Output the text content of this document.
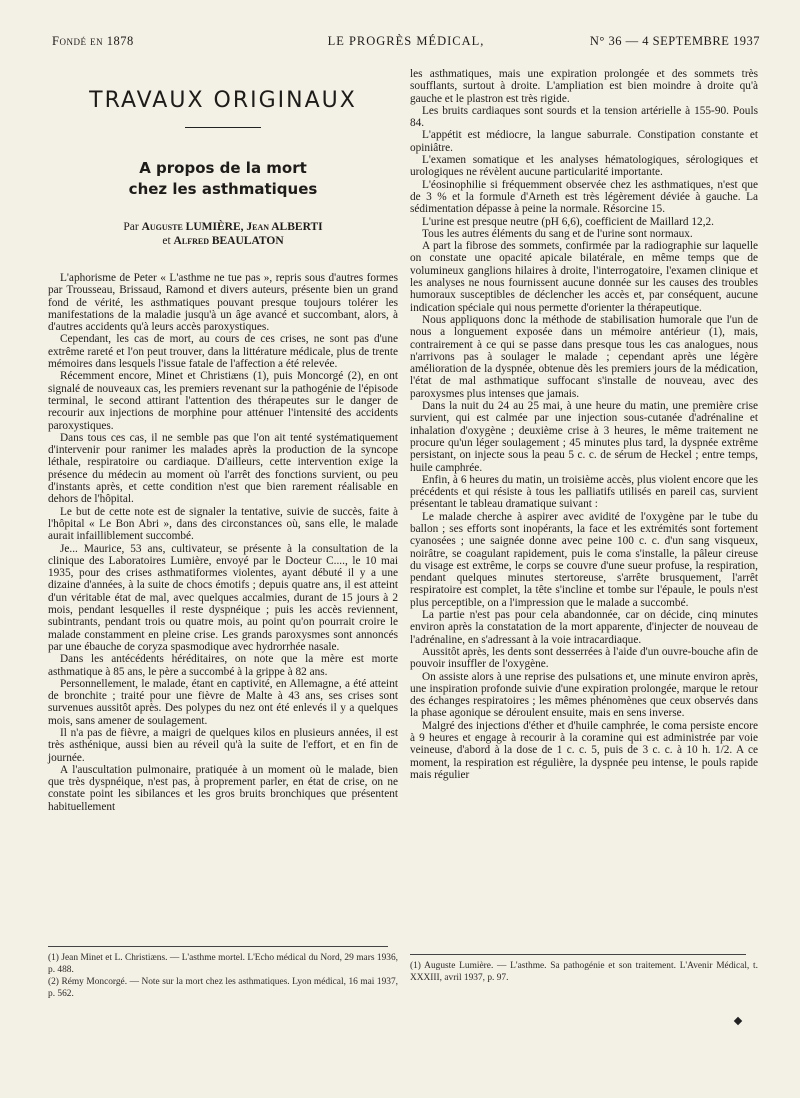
Fondé en 1878	LE PROGRÈS MÉDICAL,	N° 36 — 4 SEPTEMBRE 1937
TRAVAUX ORIGINAUX
A propos de la mort
chez les asthmatiques
Par Auguste LUMIÈRE, Jean ALBERTI
et Alfred BEAULATON

L'aphorisme de Peter « L'asthme ne tue pas », repris sous d'autres formes par Trousseau, Brissaud, Ramond et divers auteurs, présente bien un grand fond de vérité, les asthmatiques pouvant presque toujours tolérer les manifestations de la maladie jusqu'à un âge avancé et succombant, alors, à d'autres accidents qu'à leurs accès paroxystiques.

Cependant, les cas de mort, au cours de ces crises, ne sont pas d'une extrême rareté et l'on peut trouver, dans la littérature médicale, plus de trente mémoires dans lesquels l'issue fatale de l'affection a été relevée.

Récemment encore, Minet et Christiæns (1), puis Moncorgé (2), en ont signalé de nouveaux cas, les premiers revenant sur la pathogénie de l'épisode terminal, le second attirant l'attention des thérapeutes sur le danger de recourir aux injections de morphine pour atténuer l'intensité des accidents paroxystiques.

Dans tous ces cas, il ne semble pas que l'on ait tenté systématiquement d'intervenir pour ranimer les malades après la production de la syncope léthale, respiratoire ou cardiaque. D'ailleurs, cette intervention exige la présence du médecin au moment où l'arrêt des fonctions survient, ou peu d'instants après, et cette condition n'est que bien rarement réalisable en dehors de l'hôpital.

Le but de cette note est de signaler la tentative, suivie de succès, faite à l'hôpital « Le Bon Abri », dans des circonstances où, sans elle, le malade aurait infailliblement succombé.

Je... Maurice, 53 ans, cultivateur, se présente à la consultation de la clinique des Laboratoires Lumière, envoyé par le Docteur C...., le 10 mai 1935, pour des crises asthmatiformes violentes, ayant débuté il y a une dizaine d'années, à la suite de chocs émotifs ; depuis quatre ans, il est atteint d'un véritable état de mal, avec quelques accalmies, durant de 15 jours à 2 mois, pendant lesquelles il reste dyspnéique ; puis les accès reviennent, subintrants, pendant trois ou quatre mois, au point qu'on pourrait croire le malade constamment en pleine crise. Les grands paroxysmes sont annoncés par une ébauche de coryza spasmodique avec hydrorrhée nasale.

Dans les antécédents héréditaires, on note que la mère est morte asthmatique à 85 ans, le père a succombé à la grippe à 82 ans.

Personnellement, le malade, étant en captivité, en Allemagne, a été atteint de bronchite ; traité pour une fièvre de Malte à 43 ans, ses crises sont survenues aussitôt après. Des polypes du nez ont été enlevés il y a quelques mois, sans amener de soulagement.

Il n'a pas de fièvre, a maigri de quelques kilos en plusieurs années, il est très asthénique, aussi bien au réveil qu'à la suite de l'effort, et en fin de journée.

A l'auscultation pulmonaire, pratiquée à un moment où le malade, bien que très dyspnéique, n'est pas, à proprement parler, en état de crise, on ne constate point les sibilances et les gros bruits bronchiques que présentent habituellement

(1) Jean Minet et L. Christiæns. — L'asthme mortel. L'Echo médical du Nord, 29 mars 1936, p. 488.

(2) Rémy Moncorgé. — Note sur la mort chez les asthmatiques. Lyon médical, 16 mai 1937, p. 562.

les asthmatiques, mais une expiration prolongée et des sommets très soufflants, surtout à droite. L'ampliation est bien moindre à droite qu'à gauche et le plastron est très rigide.

Les bruits cardiaques sont sourds et la tension artérielle à 155-90. Pouls 84.

L'appétit est médiocre, la langue saburrale. Constipation constante et opiniâtre.

L'examen somatique et les analyses hématologiques, sérologiques et urologiques ne révèlent aucune particularité importante.

L'éosinophilie si fréquemment observée chez les asthmatiques, n'est que de 3 % et la formule d'Arneth est très légèrement déviée à gauche. La sédimentation dépasse à peine la normale. Résorcine 15.

L'urine est presque neutre (pH 6,6), coefficient de Maillard 12,2.

Tous les autres éléments du sang et de l'urine sont normaux.

A part la fibrose des sommets, confirmée par la radiographie sur laquelle on constate une opacité apicale bilatérale, en même temps que de volumineux ganglions hilaires à droite, l'interrogatoire, l'examen clinique et les analyses ne nous fournissent aucune donnée sur les causes des troubles humoraux susceptibles de déclencher les accès et, par conséquent, aucune indication spéciale qui nous permette d'orienter la thérapeutique.

Nous appliquons donc la méthode de stabilisation humorale que l'un de nous a longuement exposée dans un mémoire antérieur (1), mais, contrairement à ce qui se passe dans presque tous les cas analogues, nous n'arrivons pas à soulager le malade ; cependant après une légère amélioration de la dyspnée, obtenue dès les premiers jours de la médication, l'état de mal asthmatique suffocant s'installe de nouveau, avec des paroxysmes plus intenses que jamais.

Dans la nuit du 24 au 25 mai, à une heure du matin, une première crise survient, qui est calmée par une injection sous-cutanée d'adrénaline et inhalation d'oxygène ; deuxième crise à 3 heures, le même traitement ne procure qu'un léger soulagement ; 45 minutes plus tard, la dyspnée extrême persistant, on injecte sous la peau 5 c. c. de sérum de Heckel ; entre temps, huile camphrée.

Enfin, à 6 heures du matin, un troisième accès, plus violent encore que les précédents et qui résiste à tous les palliatifs utilisés en pareil cas, survient présentant le tableau dramatique suivant :

Le malade cherche à aspirer avec avidité de l'oxygène par le tube du ballon ; ses efforts sont inopérants, la face et les extrémités sont fortement cyanosées ; une saignée donne avec peine 100 c. c. d'un sang visqueux, noirâtre, se coagulant rapidement, puis le coma s'installe, la pâleur cireuse du visage est extrême, le corps se couvre d'une sueur profuse, la respiration, pendant quelques minutes stertoreuse, s'arrête brusquement, l'arrêt respiratoire est complet, la tête s'incline et tombe sur l'épaule, le pouls n'est plus perceptible, on a l'impression que le malade a succombé.

La partie n'est pas pour cela abandonnée, car on décide, cinq minutes environ après la constatation de la mort apparente, d'injecter de nouveau de l'adrénaline, en s'adressant à la voie intracardiaque.

Aussitôt après, les dents sont desserrées à l'aide d'un ouvre-bouche afin de pouvoir insuffler de l'oxygène.

On assiste alors à une reprise des pulsations et, une minute environ après, une inspiration profonde suivie d'une expiration prolongée, marque le retour des échanges respiratoires ; les mêmes phénomènes que ceux observés dans la phase agonique se déroulent ensuite, mais en sens inverse.

Malgré des injections d'éther et d'huile camphrée, le coma persiste encore à 9 heures et engage à recourir à la coramine qui est administrée par voie veineuse, d'abord à la dose de 1 c. c. 5, puis de 3 c. c. à 10 h. 1/2. A ce moment, la respiration est régulière, la dyspnée peu intense, le pouls rapide mais régulier

(1) Auguste Lumière. — L'asthme. Sa pathogénie et son traitement. L'Avenir Médical, t. XXXIII, avril 1937, p. 97.
